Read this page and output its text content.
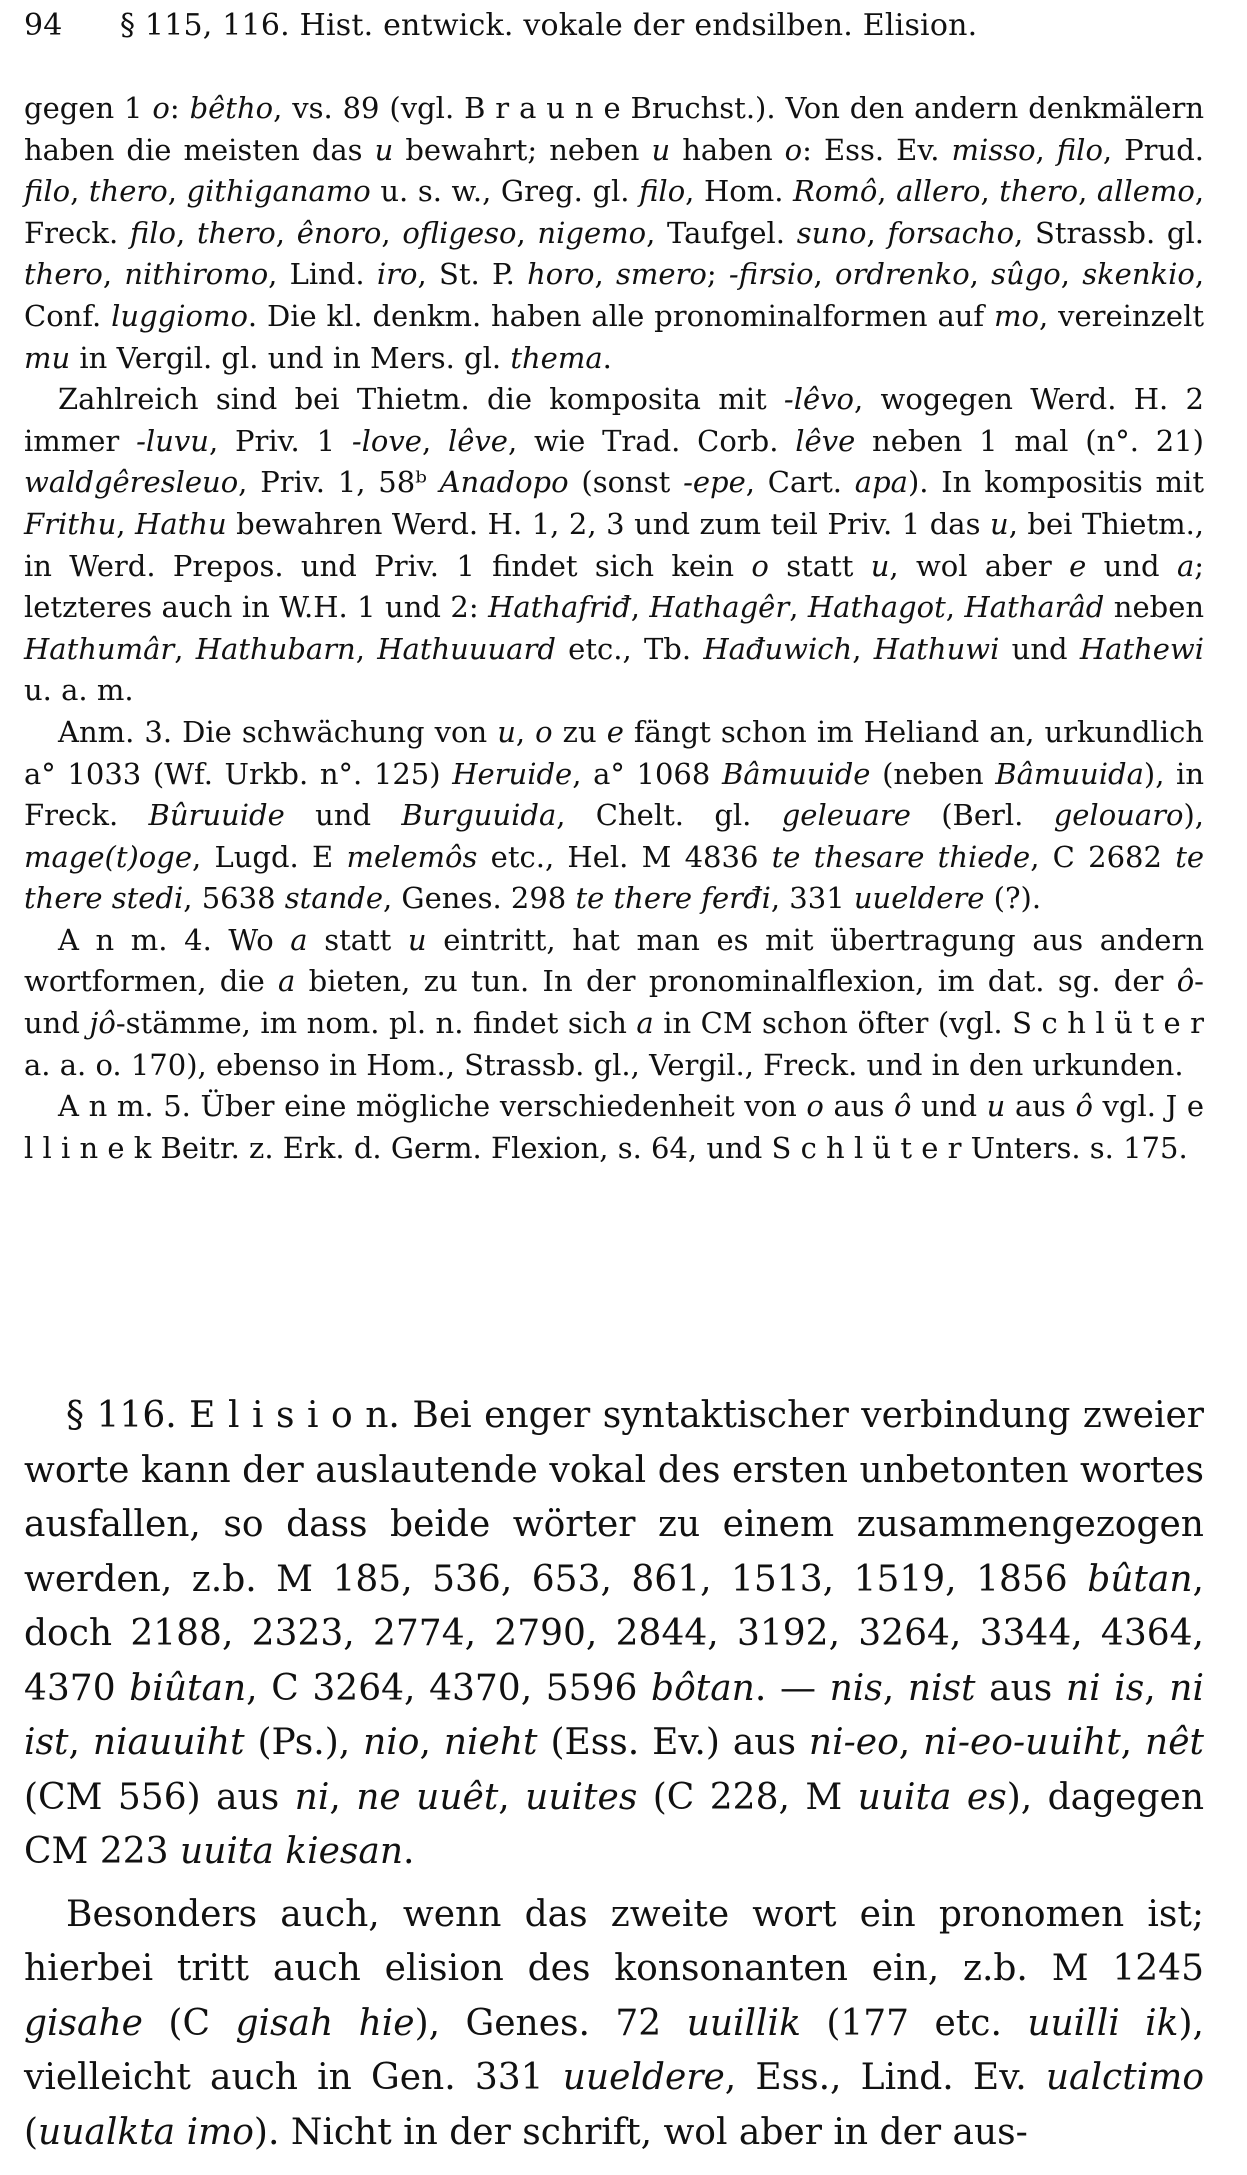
94 § 115, 116. Hist. entwick. vokale der endsilben. Elision.

gegen 1 o: bêtho, vs. 89 (vgl. B r a u n e Bruchst.). Von den andern denkmälern haben die meisten das u bewahrt; neben u haben o: Ess. Ev. misso, filo, Prud. filo, thero, githiganamo u. s. w., Greg. gl. filo, Hom. Romô, allero, thero, allemo, Freck. filo, thero, ênoro, ofligeso, nigemo, Taufgel. suno, forsacho, Strassb. gl. thero, nithiromo, Lind. iro, St. P. horo, smero; -firsio, ordrenko, sûgo, skenkio, Conf. luggiomo. Die kl. denkm. haben alle pronominalformen auf mo, vereinzelt mu in Vergil. gl. und in Mers. gl. thema.

Zahlreich sind bei Thietm. die komposita mit -lêvo, wogegen Werd. H. 2 immer -luvu, Priv. 1 -love, lêve, wie Trad. Corb. lêve neben 1 mal (n°. 21) waldgêresleuo, Priv. 1, 58ᵇ Anadopo (sonst -epe, Cart. apa). In kompositis mit Frithu, Hathu bewahren Werd. H. 1, 2, 3 und zum teil Priv. 1 das u, bei Thietm., in Werd. Prepos. und Priv. 1 findet sich kein o statt u, wol aber e und a; letzteres auch in W.H. 1 und 2: Hathafriđ, Hathagêr, Hathagot, Hatharâd neben Hathumâr, Hathubarn, Hathuuuard etc., Tb. Hađuwich, Hathuwi und Hathewi u. a. m.

Anm. 3. Die schwächung von u, o zu e fängt schon im Heliand an, urkundlich a° 1033 (Wf. Urkb. n°. 125) Heruide, a° 1068 Bâmuuide (neben Bâmuuida), in Freck. Bûruuide und Burguuida, Chelt. gl. geleuare (Berl. gelouaro), mage(t)oge, Lugd. E melemôs etc., Hel. M 4836 te thesare thiede, C 2682 te there stedi, 5638 stande, Genes. 298 te there ferđi, 331 uueldere (?).

A n m. 4. Wo a statt u eintritt, hat man es mit übertragung aus andern wortformen, die a bieten, zu tun. In der pronominalflexion, im dat. sg. der ô- und jô-stämme, im nom. pl. n. findet sich a in CM schon öfter (vgl. S c h l ü t e r a. a. o. 170), ebenso in Hom., Strassb. gl., Vergil., Freck. und in den urkunden.

A n m. 5. Über eine mögliche verschiedenheit von o aus ô und u aus ô vgl. J e l l i n e k Beitr. z. Erk. d. Germ. Flexion, s. 64, und S c h l ü t e r Unters. s. 175.

§ 116. E l i s i o n. Bei enger syntaktischer verbindung zweier worte kann der auslautende vokal des ersten unbetonten wortes ausfallen, so dass beide wörter zu einem zusammengezogen werden, z.b. M 185, 536, 653, 861, 1513, 1519, 1856 bûtan, doch 2188, 2323, 2774, 2790, 2844, 3192, 3264, 3344, 4364, 4370 biûtan, C 3264, 4370, 5596 bôtan. — nis, nist aus ni is, ni ist, niauuiht (Ps.), nio, nieht (Ess. Ev.) aus ni-eo, ni-eo-uuiht, nêt (CM 556) aus ni, ne uuêt, uuites (C 228, M uuita es), dagegen CM 223 uuita kiesan.

Besonders auch, wenn das zweite wort ein pronomen ist; hierbei tritt auch elision des konsonanten ein, z.b. M 1245 gisahe (C gisah hie), Genes. 72 uuillik (177 etc. uuilli ik), vielleicht auch in Gen. 331 uueldere, Ess., Lind. Ev. ualctimo (uualkta imo). Nicht in der schrift, wol aber in der aus-
